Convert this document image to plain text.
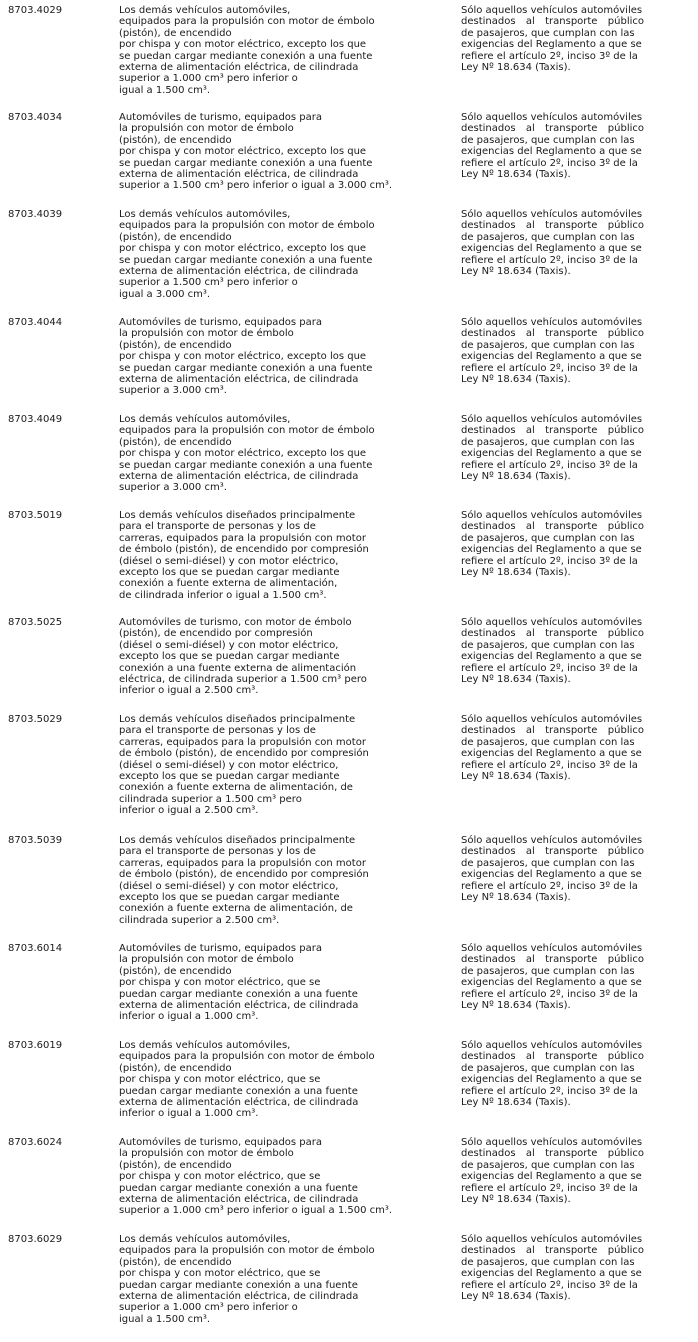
8703.4029	Los demás vehículos automóviles,
equipados para la propulsión con motor de émbolo
(pistón), de encendido
por chispa y con motor eléctrico, excepto los que
se puedan cargar mediante conexión a una fuente
externa de alimentación eléctrica, de cilindrada
superior a 1.000 cm³ pero inferior o
igual a 1.500 cm³.
Sólo aquellos vehículos automóviles
destinados al transporte público
de pasajeros, que cumplan con las
exigencias del Reglamento a que se
refiere el artículo 2º, inciso 3º de la
Ley Nº 18.634 (Taxis).
8703.4034	Automóviles de turismo, equipados para
la propulsión con motor de émbolo
(pistón), de encendido
por chispa y con motor eléctrico, excepto los que
se puedan cargar mediante conexión a una fuente
externa de alimentación eléctrica, de cilindrada
superior a 1.500 cm³ pero inferior o igual a 3.000 cm³.
Sólo aquellos vehículos automóviles
destinados al transporte público
de pasajeros, que cumplan con las
exigencias del Reglamento a que se
refiere el artículo 2º, inciso 3º de la
Ley Nº 18.634 (Taxis).
8703.4039	Los demás vehículos automóviles,
equipados para la propulsión con motor de émbolo
(pistón), de encendido
por chispa y con motor eléctrico, excepto los que
se puedan cargar mediante conexión a una fuente
externa de alimentación eléctrica, de cilindrada
superior a 1.500 cm³ pero inferior o
igual a 3.000 cm³.
Sólo aquellos vehículos automóviles
destinados al transporte público
de pasajeros, que cumplan con las
exigencias del Reglamento a que se
refiere el artículo 2º, inciso 3º de la
Ley Nº 18.634 (Taxis).
8703.4044	Automóviles de turismo, equipados para
la propulsión con motor de émbolo
(pistón), de encendido
por chispa y con motor eléctrico, excepto los que
se puedan cargar mediante conexión a una fuente
externa de alimentación eléctrica, de cilindrada
superior a 3.000 cm³.
Sólo aquellos vehículos automóviles
destinados al transporte público
de pasajeros, que cumplan con las
exigencias del Reglamento a que se
refiere el artículo 2º, inciso 3º de la
Ley Nº 18.634 (Taxis).
8703.4049	Los demás vehículos automóviles,
equipados para la propulsión con motor de émbolo
(pistón), de encendido
por chispa y con motor eléctrico, excepto los que
se puedan cargar mediante conexión a una fuente
externa de alimentación eléctrica, de cilindrada
superior a 3.000 cm³.
Sólo aquellos vehículos automóviles
destinados al transporte público
de pasajeros, que cumplan con las
exigencias del Reglamento a que se
refiere el artículo 2º, inciso 3º de la
Ley Nº 18.634 (Taxis).
8703.5019	Los demás vehículos diseñados principalmente
para el transporte de personas y los de
carreras, equipados para la propulsión con motor
de émbolo (pistón), de encendido por compresión
(diésel o semi-diésel) y con motor eléctrico,
excepto los que se puedan cargar mediante
conexión a fuente externa de alimentación,
de cilindrada inferior o igual a 1.500 cm³.
Sólo aquellos vehículos automóviles
destinados al transporte público
de pasajeros, que cumplan con las
exigencias del Reglamento a que se
refiere el artículo 2º, inciso 3º de la
Ley Nº 18.634 (Taxis).
8703.5025	Automóviles de turismo, con motor de émbolo
(pistón), de encendido por compresión
(diésel o semi-diésel) y con motor eléctrico,
excepto los que se puedan cargar mediante
conexión a una fuente externa de alimentación
eléctrica, de cilindrada superior a 1.500 cm³ pero
inferior o igual a 2.500 cm³.
Sólo aquellos vehículos automóviles
destinados al transporte público
de pasajeros, que cumplan con las
exigencias del Reglamento a que se
refiere el artículo 2º, inciso 3º de la
Ley Nº 18.634 (Taxis).
8703.5029	Los demás vehículos diseñados principalmente
para el transporte de personas y los de
carreras, equipados para la propulsión con motor
de émbolo (pistón), de encendido por compresión
(diésel o semi-diésel) y con motor eléctrico,
excepto los que se puedan cargar mediante
conexión a fuente externa de alimentación, de
cilindrada superior a 1.500 cm³ pero
inferior o igual a 2.500 cm³.
Sólo aquellos vehículos automóviles
destinados al transporte público
de pasajeros, que cumplan con las
exigencias del Reglamento a que se
refiere el artículo 2º, inciso 3º de la
Ley Nº 18.634 (Taxis).
8703.5039	Los demás vehículos diseñados principalmente
para el transporte de personas y los de
carreras, equipados para la propulsión con motor
de émbolo (pistón), de encendido por compresión
(diésel o semi-diésel) y con motor eléctrico,
excepto los que se puedan cargar mediante
conexión a fuente externa de alimentación, de
cilindrada superior a 2.500 cm³.
Sólo aquellos vehículos automóviles
destinados al transporte público
de pasajeros, que cumplan con las
exigencias del Reglamento a que se
refiere el artículo 2º, inciso 3º de la
Ley Nº 18.634 (Taxis).
8703.6014	Automóviles de turismo, equipados para
la propulsión con motor de émbolo
(pistón), de encendido
por chispa y con motor eléctrico, que se
puedan cargar mediante conexión a una fuente
externa de alimentación eléctrica, de cilindrada
inferior o igual a 1.000 cm³.
Sólo aquellos vehículos automóviles
destinados al transporte público
de pasajeros, que cumplan con las
exigencias del Reglamento a que se
refiere el artículo 2º, inciso 3º de la
Ley Nº 18.634 (Taxis).
8703.6019	Los demás vehículos automóviles,
equipados para la propulsión con motor de émbolo
(pistón), de encendido
por chispa y con motor eléctrico, que se
puedan cargar mediante conexión a una fuente
externa de alimentación eléctrica, de cilindrada
inferior o igual a 1.000 cm³.
Sólo aquellos vehículos automóviles
destinados al transporte público
de pasajeros, que cumplan con las
exigencias del Reglamento a que se
refiere el artículo 2º, inciso 3º de la
Ley Nº 18.634 (Taxis).
8703.6024	Automóviles de turismo, equipados para
la propulsión con motor de émbolo
(pistón), de encendido
por chispa y con motor eléctrico, que se
puedan cargar mediante conexión a una fuente
externa de alimentación eléctrica, de cilindrada
superior a 1.000 cm³ pero inferior o igual a 1.500 cm³.
Sólo aquellos vehículos automóviles
destinados al transporte público
de pasajeros, que cumplan con las
exigencias del Reglamento a que se
refiere el artículo 2º, inciso 3º de la
Ley Nº 18.634 (Taxis).
8703.6029	Los demás vehículos automóviles,
equipados para la propulsión con motor de émbolo
(pistón), de encendido
por chispa y con motor eléctrico, que se
puedan cargar mediante conexión a una fuente
externa de alimentación eléctrica, de cilindrada
superior a 1.000 cm³ pero inferior o
igual a 1.500 cm³.
Sólo aquellos vehículos automóviles
destinados al transporte público
de pasajeros, que cumplan con las
exigencias del Reglamento a que se
refiere el artículo 2º, inciso 3º de la
Ley Nº 18.634 (Taxis).
